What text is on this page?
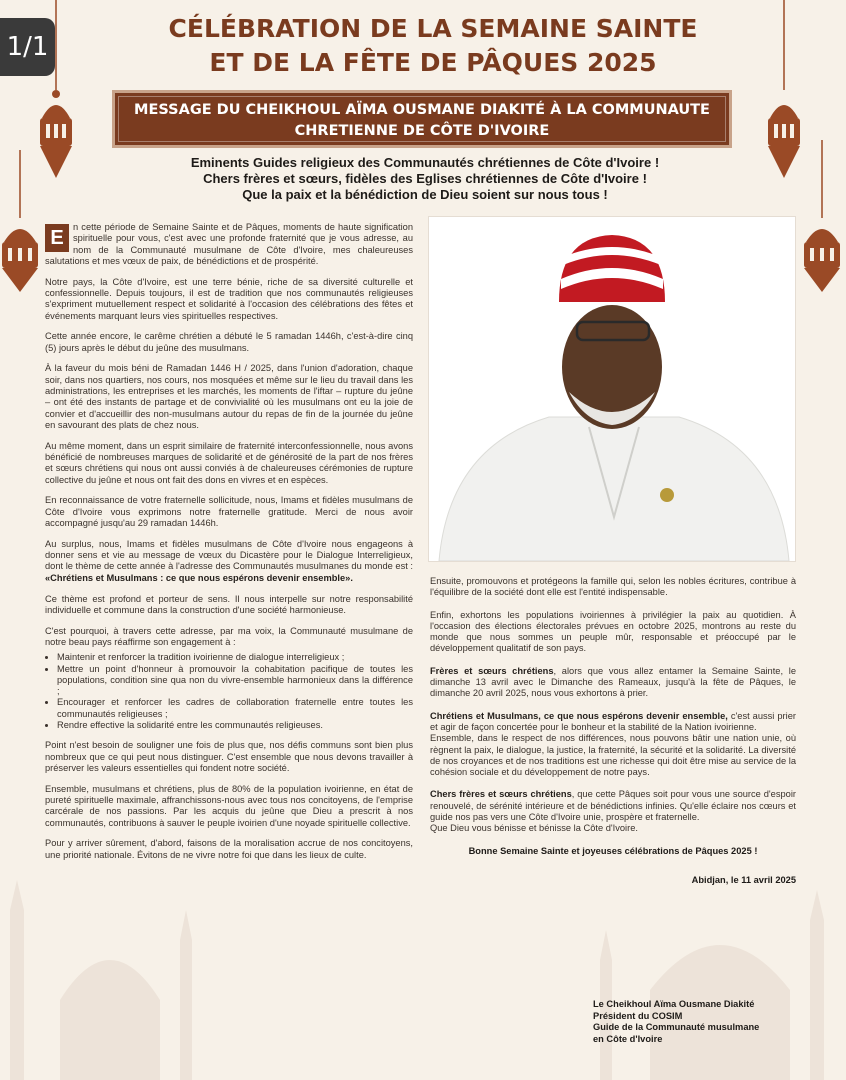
1/1
CÉLÉBRATION DE LA SEMAINE SAINTE
ET DE LA FÊTE DE PÂQUES 2025
MESSAGE DU CHEIKHOUL AÏMA OUSMANE DIAKITÉ À LA COMMUNAUTE
CHRETIENNE DE CÔTE D'IVOIRE
Eminents Guides religieux des Communautés chrétiennes de Côte d'Ivoire !
Chers frères et sœurs, fidèles des Eglises chrétiennes de Côte d'Ivoire !
Que la paix et la bénédiction de Dieu soient sur nous tous !

E	n cette période de Semaine Sainte et de Pâques, moments de haute signification spirituelle pour vous, c'est avec une profonde fraternité que je vous adresse, au nom de la Communauté musulmane de Côte d'Ivoire, mes chaleureuses salutations et mes vœux de paix, de bénédictions et de prospérité.

Notre pays, la Côte d'Ivoire, est une terre bénie, riche de sa diversité culturelle et confessionnelle. Depuis toujours, il est de tradition que nos communautés religieuses s'expriment mutuellement respect et solidarité à l'occasion des célébrations des fêtes et événements marquant leurs vies spirituelles respectives.

Cette année encore, le carême chrétien a débuté le 5 ramadan 1446h, c'est-à-dire cinq (5) jours après le début du jeûne des musulmans.

À la faveur du mois béni de Ramadan 1446 H / 2025, dans l'union d'adoration, chaque soir, dans nos quartiers, nos cours, nos mosquées et même sur le lieu du travail dans les administrations, les entreprises et les marchés, les moments de l'iftar – rupture du jeûne – ont été des instants de partage et de convivialité où les musulmans ont eu la joie de convier et d'accueillir des non-musulmans autour du repas de fin de la journée du jeûne en savourant des plats de chez nous.

Au même moment, dans un esprit similaire de fraternité interconfessionnelle, nous avons bénéficié de nombreuses marques de solidarité et de générosité de la part de nos frères et sœurs chrétiens qui nous ont aussi conviés à de chaleureuses cérémonies de rupture collective du jeûne et nous ont fait des dons en vivres et en espèces.

En reconnaissance de votre fraternelle sollicitude, nous, Imams et fidèles musulmans de Côte d'Ivoire vous exprimons notre fraternelle gratitude. Merci de nous avoir accompagné jusqu'au 29 ramadan 1446h.

Au surplus, nous, Imams et fidèles musulmans de Côte d'Ivoire nous engageons à donner sens et vie au message de vœux du Dicastère pour le Dialogue Interreligieux, dont le thème de cette année à l'adresse des Communautés musulmanes du monde est : «Chrétiens et Musulmans : ce que nous espérons devenir ensemble».

Ce thème est profond et porteur de sens. Il nous interpelle sur notre responsabilité individuelle et commune dans la construction d'une société harmonieuse.

C'est pourquoi, à travers cette adresse, par ma voix, la Communauté musulmane de notre beau pays réaffirme son engagement à :

• Maintenir et renforcer la tradition ivoirienne de dialogue interreligieux ;
• Mettre un point d'honneur à promouvoir la cohabitation pacifique de toutes les populations, condition sine qua non du vivre-ensemble harmonieux dans la différence ;
• Encourager et renforcer les cadres de collaboration fraternelle entre toutes les communautés religieuses ;
• Rendre effective la solidarité entre les communautés religieuses.

Point n'est besoin de souligner une fois de plus que, nos défis communs sont bien plus nombreux que ce qui peut nous distinguer. C'est ensemble que nous devons travailler à préserver les valeurs essentielles qui fondent notre société.

Ensemble, musulmans et chrétiens, plus de 80% de la population ivoirienne, en état de pureté spirituelle maximale, affranchissons-nous avec tous nos concitoyens, de l'emprise carcérale de nos passions. Par les acquis du jeûne que Dieu a prescrit à nos communautés, contribuons à sauver le peuple ivoirien d'une noyade spirituelle collective.

Pour y arriver sûrement, d'abord, faisons de la moralisation accrue de nos concitoyens, une priorité nationale. Évitons de ne vivre notre foi que dans les lieux de culte.

Ensuite, promouvons et protégeons la famille qui, selon les nobles écritures, contribue à l'équilibre de la société dont elle est l'entité indispensable.

Enfin, exhortons les populations ivoiriennes à privilégier la paix au quotidien. À l'occasion des élections électorales prévues en octobre 2025, montrons au reste du monde que nous sommes un peuple mûr, responsable et préoccupé par le développement qualitatif de son pays.

Frères et sœurs chrétiens, alors que vous allez entamer la Semaine Sainte, le dimanche 13 avril avec le Dimanche des Rameaux, jusqu'à la fête de Pâques, le dimanche 20 avril 2025, nous vous exhortons à prier.

Chrétiens et Musulmans, ce que nous espérons devenir ensemble, c'est aussi prier et agir de façon concertée pour le bonheur et la stabilité de la Nation ivoirienne.
Ensemble, dans le respect de nos différences, nous pouvons bâtir une nation unie, où règnent la paix, le dialogue, la justice, la fraternité, la sécurité et la solidarité. La diversité de nos croyances et de nos traditions est une richesse qui doit être mise au service de la cohésion sociale et du développement de notre pays.

Chers frères et sœurs chrétiens, que cette Pâques soit pour vous une source d'espoir renouvelé, de sérénité intérieure et de bénédictions infinies. Qu'elle éclaire nos cœurs et guide nos pas vers une Côte d'Ivoire unie, prospère et fraternelle.
Que Dieu vous bénisse et bénisse la Côte d'Ivoire.

Bonne Semaine Sainte et joyeuses célébrations de Pâques 2025 !

Abidjan, le 11 avril 2025

Le Cheikhoul Aïma Ousmane Diakité
Président du COSIM
Guide de la Communauté musulmane
en Côte d'Ivoire
